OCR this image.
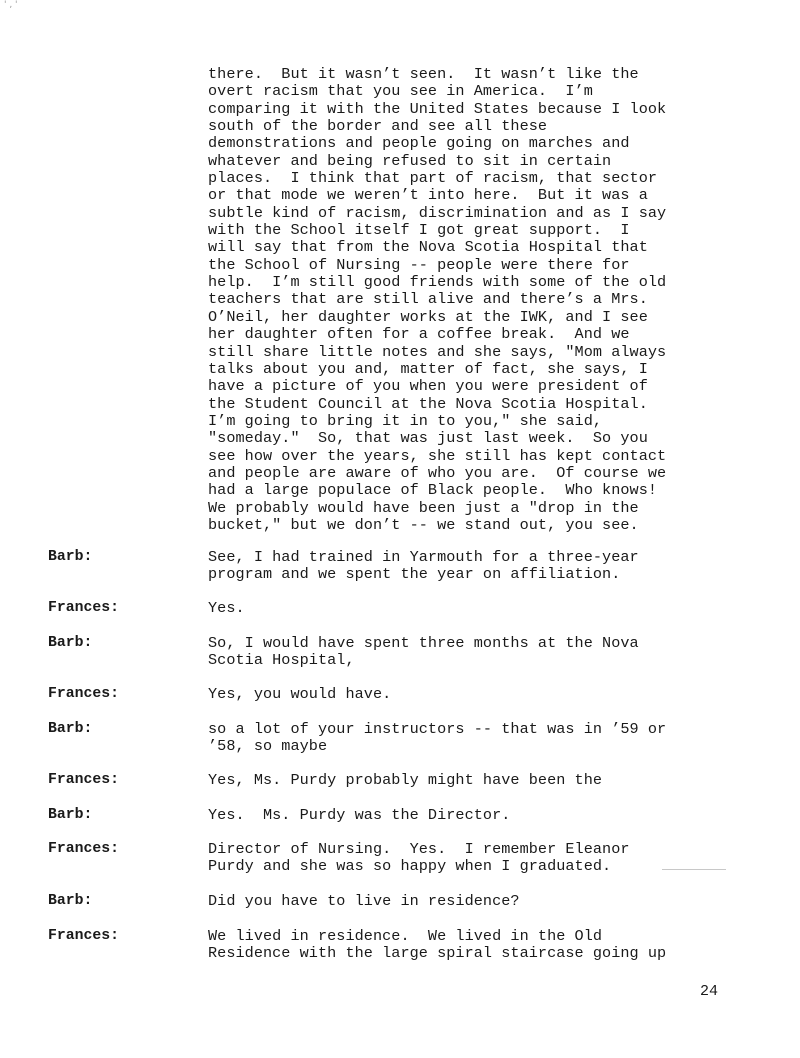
' , '
there.  But it wasn’t seen.  It wasn’t like the
overt racism that you see in America.  I’m
comparing it with the United States because I look
south of the border and see all these
demonstrations and people going on marches and
whatever and being refused to sit in certain
places.  I think that part of racism, that sector
or that mode we weren’t into here.  But it was a
subtle kind of racism, discrimination and as I say
with the School itself I got great support.  I
will say that from the Nova Scotia Hospital that
the School of Nursing -- people were there for
help.  I’m still good friends with some of the old
teachers that are still alive and there’s a Mrs.
O’Neil, her daughter works at the IWK, and I see
her daughter often for a coffee break.  And we
still share little notes and she says, "Mom always
talks about you and, matter of fact, she says, I
have a picture of you when you were president of
the Student Council at the Nova Scotia Hospital.
I’m going to bring it in to you," she said,
"someday."  So, that was just last week.  So you
see how over the years, she still has kept contact
and people are aware of who you are.  Of course we
had a large populace of Black people.  Who knows!
We probably would have been just a "drop in the
bucket," but we don’t -- we stand out, you see.
Barb:	See, I had trained in Yarmouth for a three-year
program and we spent the year on affiliation.
Frances:	Yes.
Barb:	So, I would have spent three months at the Nova
Scotia Hospital,
Frances:	Yes, you would have.
Barb:	so a lot of your instructors -- that was in ’59 or
’58, so maybe
Frances:	Yes, Ms. Purdy probably might have been the
Barb:	Yes.  Ms. Purdy was the Director.
Frances:	Director of Nursing.  Yes.  I remember Eleanor
Purdy and she was so happy when I graduated.
Barb:	Did you have to live in residence?
Frances:	We lived in residence.  We lived in the Old
Residence with the large spiral staircase going up
24
